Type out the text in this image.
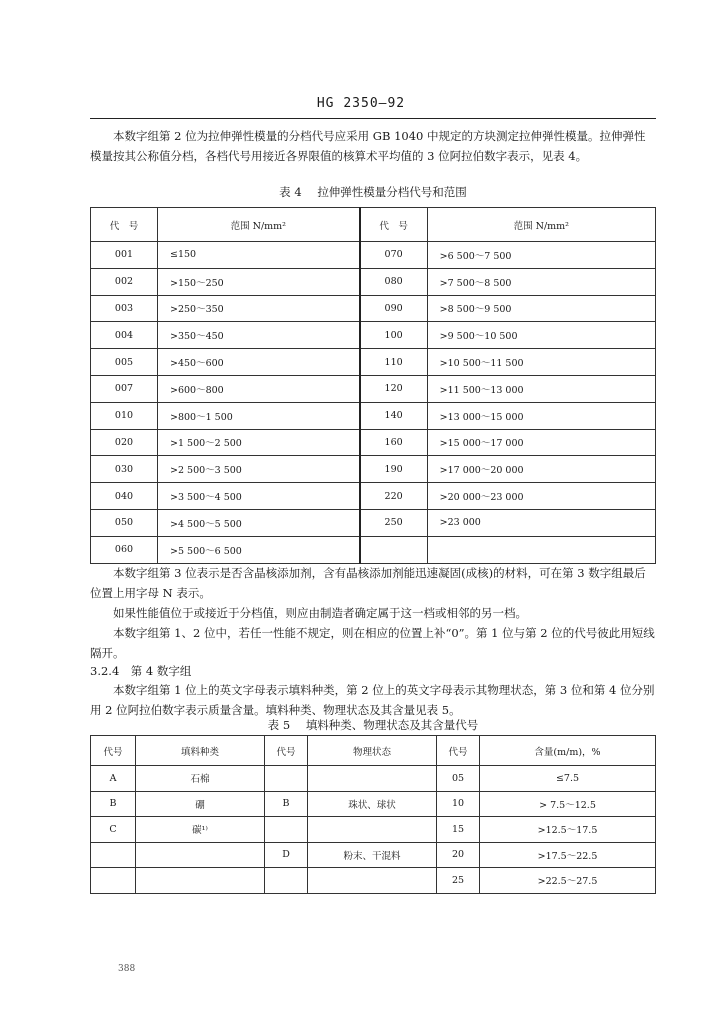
HG 2350—92
本数字组第 2 位为拉伸弹性模量的分档代号应采用 GB 1040 中规定的方块测定拉伸弹性模量。拉伸弹性模量按其公称值分档，各档代号用接近各界限值的核算术平均值的 3 位阿拉伯数字表示，见表 4。
表 4 拉伸弹性模量分档代号和范围
代　号	范围 N/mm²	代　号	范围 N/mm²
001	≤150	070	>6 500～7 500
002	>150～250	080	>7 500～8 500
003	>250～350	090	>8 500～9 500
004	>350～450	100	>9 500～10 500
005	>450～600	110	>10 500～11 500
007	>600～800	120	>11 500～13 000
010	>800～1 500	140	>13 000～15 000
020	>1 500～2 500	160	>15 000～17 000
030	>2 500～3 500	190	>17 000～20 000
040	>3 500～4 500	220	>20 000～23 000
050	>4 500～5 500	250	>23 000
060	>5 500～6 500		
本数字组第 3 位表示是否含晶核添加剂，含有晶核添加剂能迅速凝固(成核)的材料，可在第 3 数字组最后位置上用字母 N 表示。
如果性能值位于或接近于分档值，则应由制造者确定属于这一档或相邻的另一档。
本数字组第 1、2 位中，若任一性能不规定，则在相应的位置上补“0”。第 1 位与第 2 位的代号彼此用短线隔开。
3.2.4　第 4 数字组
本数字组第 1 位上的英文字母表示填料种类，第 2 位上的英文字母表示其物理状态，第 3 位和第 4 位分别用 2 位阿拉伯数字表示质量含量。填料种类、物理状态及其含量见表 5。
表 5 填料种类、物理状态及其含量代号
代号	填料种类	代号	物理状态	代号	含量(m/m)，%
A	石棉			05	≤7.5
B	硼	B	珠状、球状	10	> 7.5～12.5
C	碳¹⁾			15	>12.5～17.5
		D	粉末、干混料	20	>17.5～22.5
				25	>22.5～27.5
388
